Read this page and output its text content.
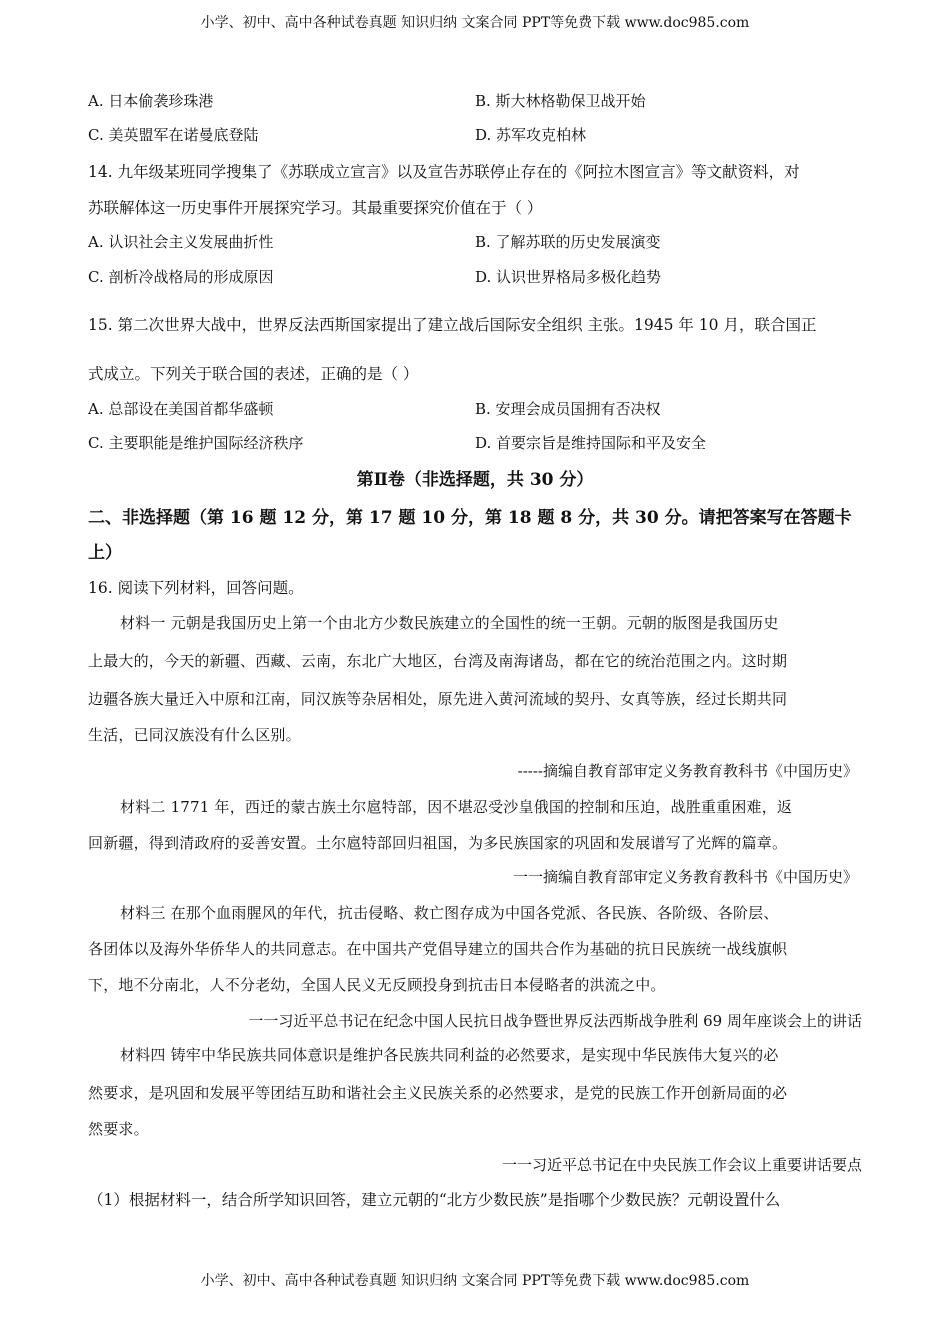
小学、初中、高中各种试卷真题 知识归纳 文案合同 PPT等免费下载 www.doc985.com
A. 日本偷袭珍珠港	B. 斯大林格勒保卫战开始
C. 美英盟军在诺曼底登陆	D. 苏军攻克柏林
14. 九年级某班同学搜集了《苏联成立宣言》以及宣告苏联停止存在的《阿拉木图宣言》等文献资料，对
苏联解体这一历史事件开展探究学习。其最重要探究价值在于（ ）
A. 认识社会主义发展曲折性	B. 了解苏联的历史发展演变
C. 剖析冷战格局的形成原因	D. 认识世界格局多极化趋势
15. 第二次世界大战中，世界反法西斯国家提出了建立战后国际安全组织 主张。1945 年 10 月，联合国正
式成立。下列关于联合国的表述，正确的是（ ）
A. 总部设在美国首都华盛顿	B. 安理会成员国拥有否决权
C. 主要职能是维护国际经济秩序	D. 首要宗旨是维持国际和平及安全
第Ⅱ卷（非选择题，共 30 分）
二、非选择题（第 16 题 12 分，第 17 题 10 分，第 18 题 8 分，共 30 分。请把答案写在答题卡
上）
16. 阅读下列材料，回答问题。
材料一 元朝是我国历史上第一个由北方少数民族建立的全国性的统一王朝。元朝的版图是我国历史
上最大的，今天的新疆、西藏、云南，东北广大地区，台湾及南海诸岛，都在它的统治范围之内。这时期
边疆各族大量迁入中原和江南，同汉族等杂居相处，原先进入黄河流域的契丹、女真等族，经过长期共同
生活，已同汉族没有什么区别。
-----摘编自教育部审定义务教育教科书《中国历史》
材料二 1771 年，西迁的蒙古族土尔扈特部，因不堪忍受沙皇俄国的控制和压迫，战胜重重困难，返
回新疆，得到清政府的妥善安置。土尔扈特部回归祖国，为多民族国家的巩固和发展谱写了光辉的篇章。
一一摘编自教育部审定义务教育教科书《中国历史》
材料三 在那个血雨腥风的年代，抗击侵略、救亡图存成为中国各党派、各民族、各阶级、各阶层、
各团体以及海外华侨华人的共同意志。在中国共产党倡导建立的国共合作为基础的抗日民族统一战线旗帜
下，地不分南北，人不分老幼，全国人民义无反顾投身到抗击日本侵略者的洪流之中。
一一习近平总书记在纪念中国人民抗日战争暨世界反法西斯战争胜利 69 周年座谈会上的讲话
材料四 铸牢中华民族共同体意识是维护各民族共同利益的必然要求，是实现中华民族伟大复兴的必
然要求，是巩固和发展平等团结互助和谐社会主义民族关系的必然要求，是党的民族工作开创新局面的必
然要求。
一一习近平总书记在中央民族工作会议上重要讲话要点
（1）根据材料一，结合所学知识回答，建立元朝的“北方少数民族”是指哪个少数民族？元朝设置什么
小学、初中、高中各种试卷真题 知识归纳 文案合同 PPT等免费下载 www.doc985.com
